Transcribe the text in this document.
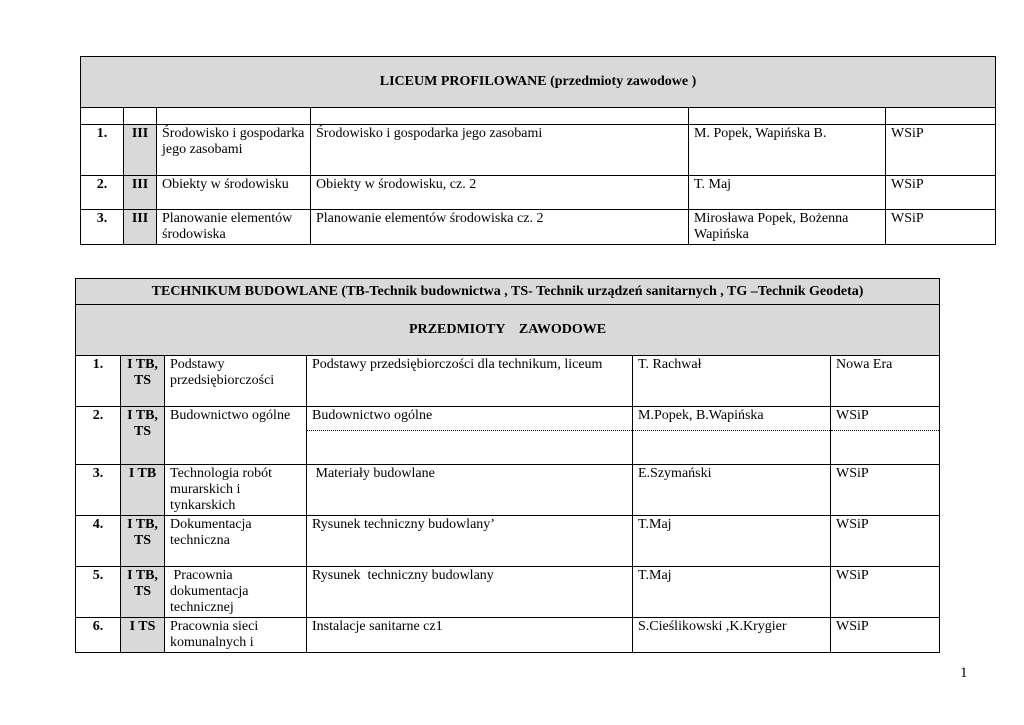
LICEUM PROFILOWANE (przedmioty zawodowe )					

1.	III	Środowisko i gospodarka jego zasobami	Środowisko i gospodarka jego zasobami	M. Popek, Wapińska B.	WSiP
2.	III	Obiekty w środowisku	Obiekty w środowisku, cz. 2	T. Maj	WSiP
3.	III	Planowanie elementów środowiska	Planowanie elementów środowiska cz. 2	Mirosława Popek, Bożenna Wapińska	WSiP
TECHNIKUM BUDOWLANE (TB-Technik budownictwa , TS- Technik urządzeń sanitarnych , TG –Technik Geodeta)					
PRZEDMIOTY    ZAWODOWE					
1.	I TB, TS	Podstawy przedsiębiorczości	Podstawy przedsiębiorczości dla technikum, liceum	T. Rachwał	Nowa Era
2.	I TB, TS	Budownictwo ogólne	Budownictwo ogólne	M.Popek, B.Wapińska	WSiP

3.	I TB	Technologia robót murarskich i tynkarskich	Materiały budowlane	E.Szymański	WSiP
4.	I TB, TS	Dokumentacja techniczna	Rysunek techniczny budowlany’	T.Maj	WSiP
5.	I TB, TS	Pracownia dokumentacja technicznej	Rysunek  techniczny budowlany	T.Maj	WSiP
6.	I TS	Pracownia sieci komunalnych i	Instalacje sanitarne cz1	S.Cieślikowski ,K.Krygier	WSiP
1
